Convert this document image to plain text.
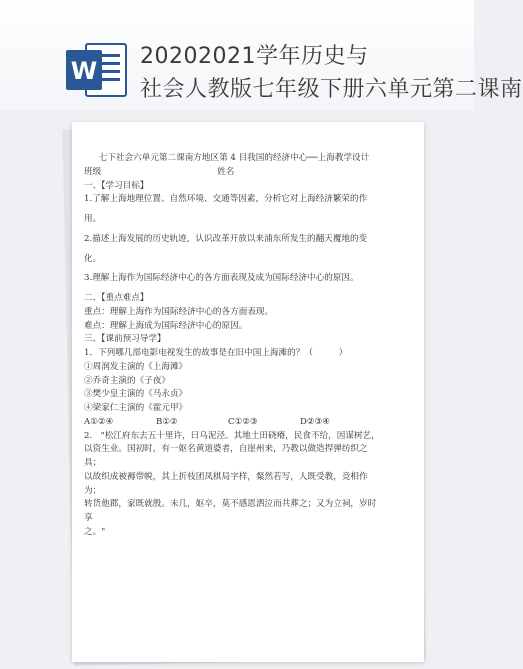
W
20202021学年历史与
社会人教版七年级下册六单元第二课南

七下社会六单元第二课南方地区第 4 目我国的经济中心──上海教学设计

班级	姓名

一、【学习目标】

1.了解上海地理位置、自然环境、交通等因素，分析它对上海经济繁荣的作

用。

2.描述上海发展的历史轨迹，认识改革开放以来浦东所发生的翻天覆地的变

化。

3.理解上海作为国际经济中心的各方面表现及成为国际经济中心的原因。

二、【重点难点】

重点：理解上海作为国际经济中心的各方面表现。

难点：理解上海成为国际经济中心的原因。

三、【课前预习导学】

1．下列哪几部电影电视发生的故事是在旧中国上海滩的？（　　　）

①周润发主演的《上海滩》

②乔奇主演的《子夜》

③樊少皇主演的《马永贞》

④梁家仁主演的《霍元甲》

A①②④	B①②	C①②③	D②③④

2.　"松江府东去五十里许，曰乌泥泾。其地土田硗瘠，民食不给，因谋树艺，

以资生业。国初时，有一妪名黄道婆者，自崖州来，乃教以做造捍弹纺织之具；

以故织成被褥带帨，其上折枝团凤棋局字样，粲然若写，人既受教，竞相作为；

转货他郡，家既就殷。未几，妪卒，莫不感恩洒泣而共葬之；又为立祠，岁时享

之。"
